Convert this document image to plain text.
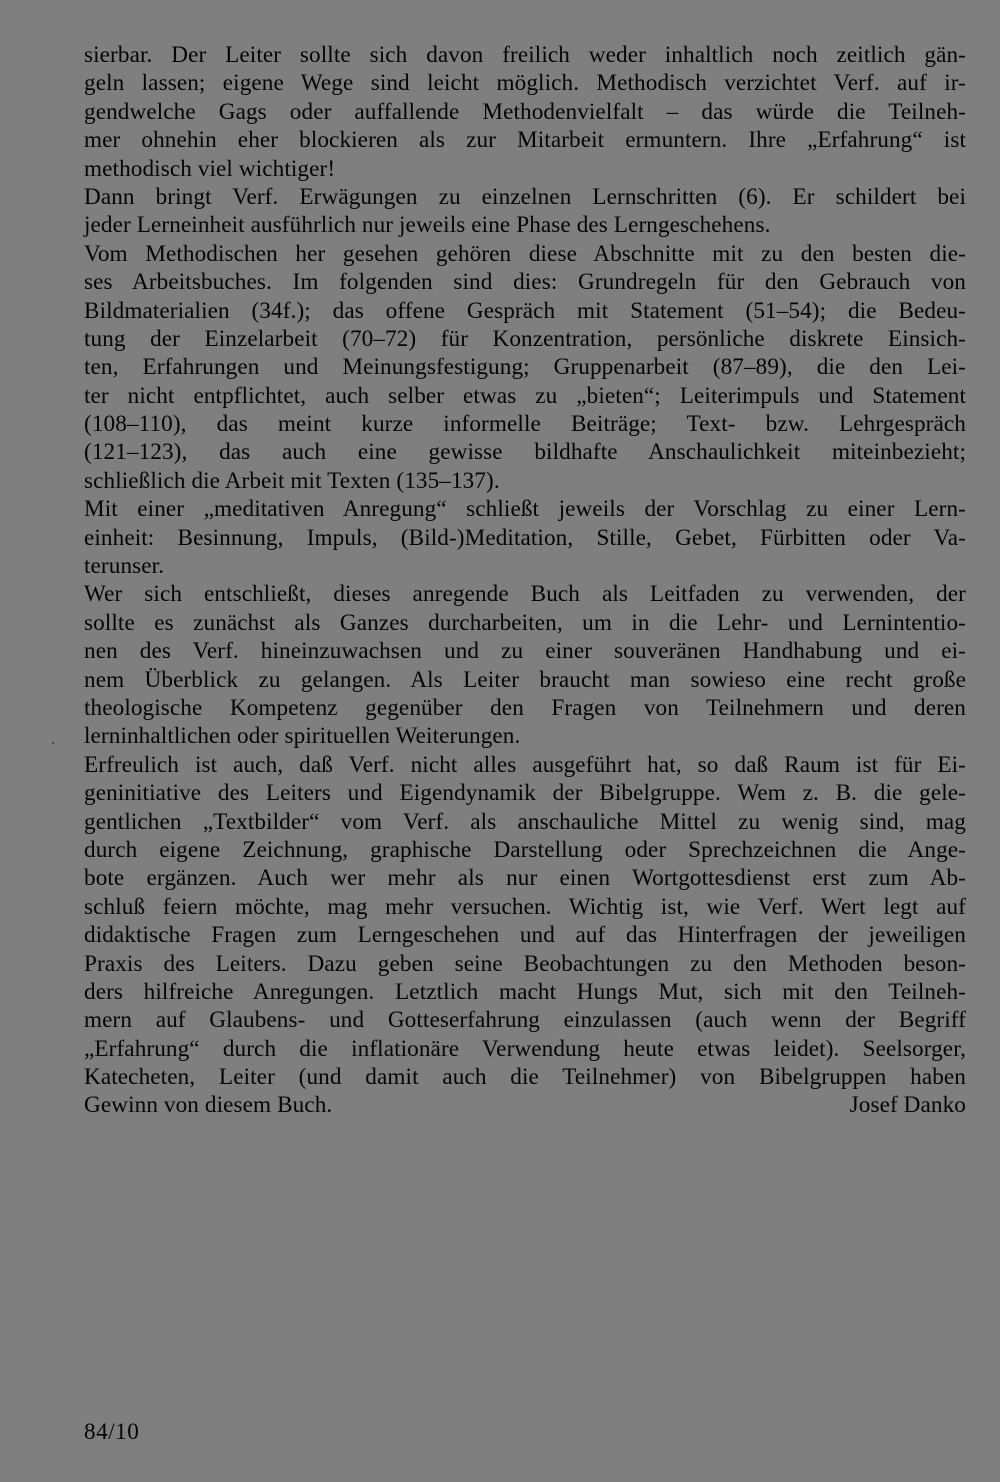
sierbar. Der Leiter sollte sich davon freilich weder inhaltlich noch zeitlich gän-
geln lassen; eigene Wege sind leicht möglich. Methodisch verzichtet Verf. auf ir-
gendwelche Gags oder auffallende Methodenvielfalt – das würde die Teilneh-
mer ohnehin eher blockieren als zur Mitarbeit ermuntern. Ihre „Erfahrung“ ist
methodisch viel wichtiger!
Dann bringt Verf. Erwägungen zu einzelnen Lernschritten (6). Er schildert bei
jeder Lerneinheit ausführlich nur jeweils eine Phase des Lerngeschehens.
Vom Methodischen her gesehen gehören diese Abschnitte mit zu den besten die-
ses Arbeitsbuches. Im folgenden sind dies: Grundregeln für den Gebrauch von
Bildmaterialien (34f.); das offene Gespräch mit Statement (51–54); die Bedeu-
tung der Einzelarbeit (70–72) für Konzentration, persönliche diskrete Einsich-
ten, Erfahrungen und Meinungsfestigung; Gruppenarbeit (87–89), die den Lei-
ter nicht entpflichtet, auch selber etwas zu „bieten“; Leiterimpuls und Statement
(108–110), das meint kurze informelle Beiträge; Text- bzw. Lehrgespräch
(121–123), das auch eine gewisse bildhafte Anschaulichkeit miteinbezieht;
schließlich die Arbeit mit Texten (135–137).
Mit einer „meditativen Anregung“ schließt jeweils der Vorschlag zu einer Lern-
einheit: Besinnung, Impuls, (Bild-)Meditation, Stille, Gebet, Fürbitten oder Va-
terunser.
Wer sich entschließt, dieses anregende Buch als Leitfaden zu verwenden, der
sollte es zunächst als Ganzes durcharbeiten, um in die Lehr- und Lernintentio-
nen des Verf. hineinzuwachsen und zu einer souveränen Handhabung und ei-
nem Überblick zu gelangen. Als Leiter braucht man sowieso eine recht große
theologische Kompetenz gegenüber den Fragen von Teilnehmern und deren
lerninhaltlichen oder spirituellen Weiterungen.
Erfreulich ist auch, daß Verf. nicht alles ausgeführt hat, so daß Raum ist für Ei-
geninitiative des Leiters und Eigendynamik der Bibelgruppe. Wem z. B. die gele-
gentlichen „Textbilder“ vom Verf. als anschauliche Mittel zu wenig sind, mag
durch eigene Zeichnung, graphische Darstellung oder Sprechzeichnen die Ange-
bote ergänzen. Auch wer mehr als nur einen Wortgottesdienst erst zum Ab-
schluß feiern möchte, mag mehr versuchen. Wichtig ist, wie Verf. Wert legt auf
didaktische Fragen zum Lerngeschehen und auf das Hinterfragen der jeweiligen
Praxis des Leiters. Dazu geben seine Beobachtungen zu den Methoden beson-
ders hilfreiche Anregungen. Letztlich macht Hungs Mut, sich mit den Teilneh-
mern auf Glaubens- und Gotteserfahrung einzulassen (auch wenn der Begriff
„Erfahrung“ durch die inflationäre Verwendung heute etwas leidet). Seelsorger,
Katecheten, Leiter (und damit auch die Teilnehmer) von Bibelgruppen haben
Gewinn von diesem Buch.	Josef Danko
84/10
